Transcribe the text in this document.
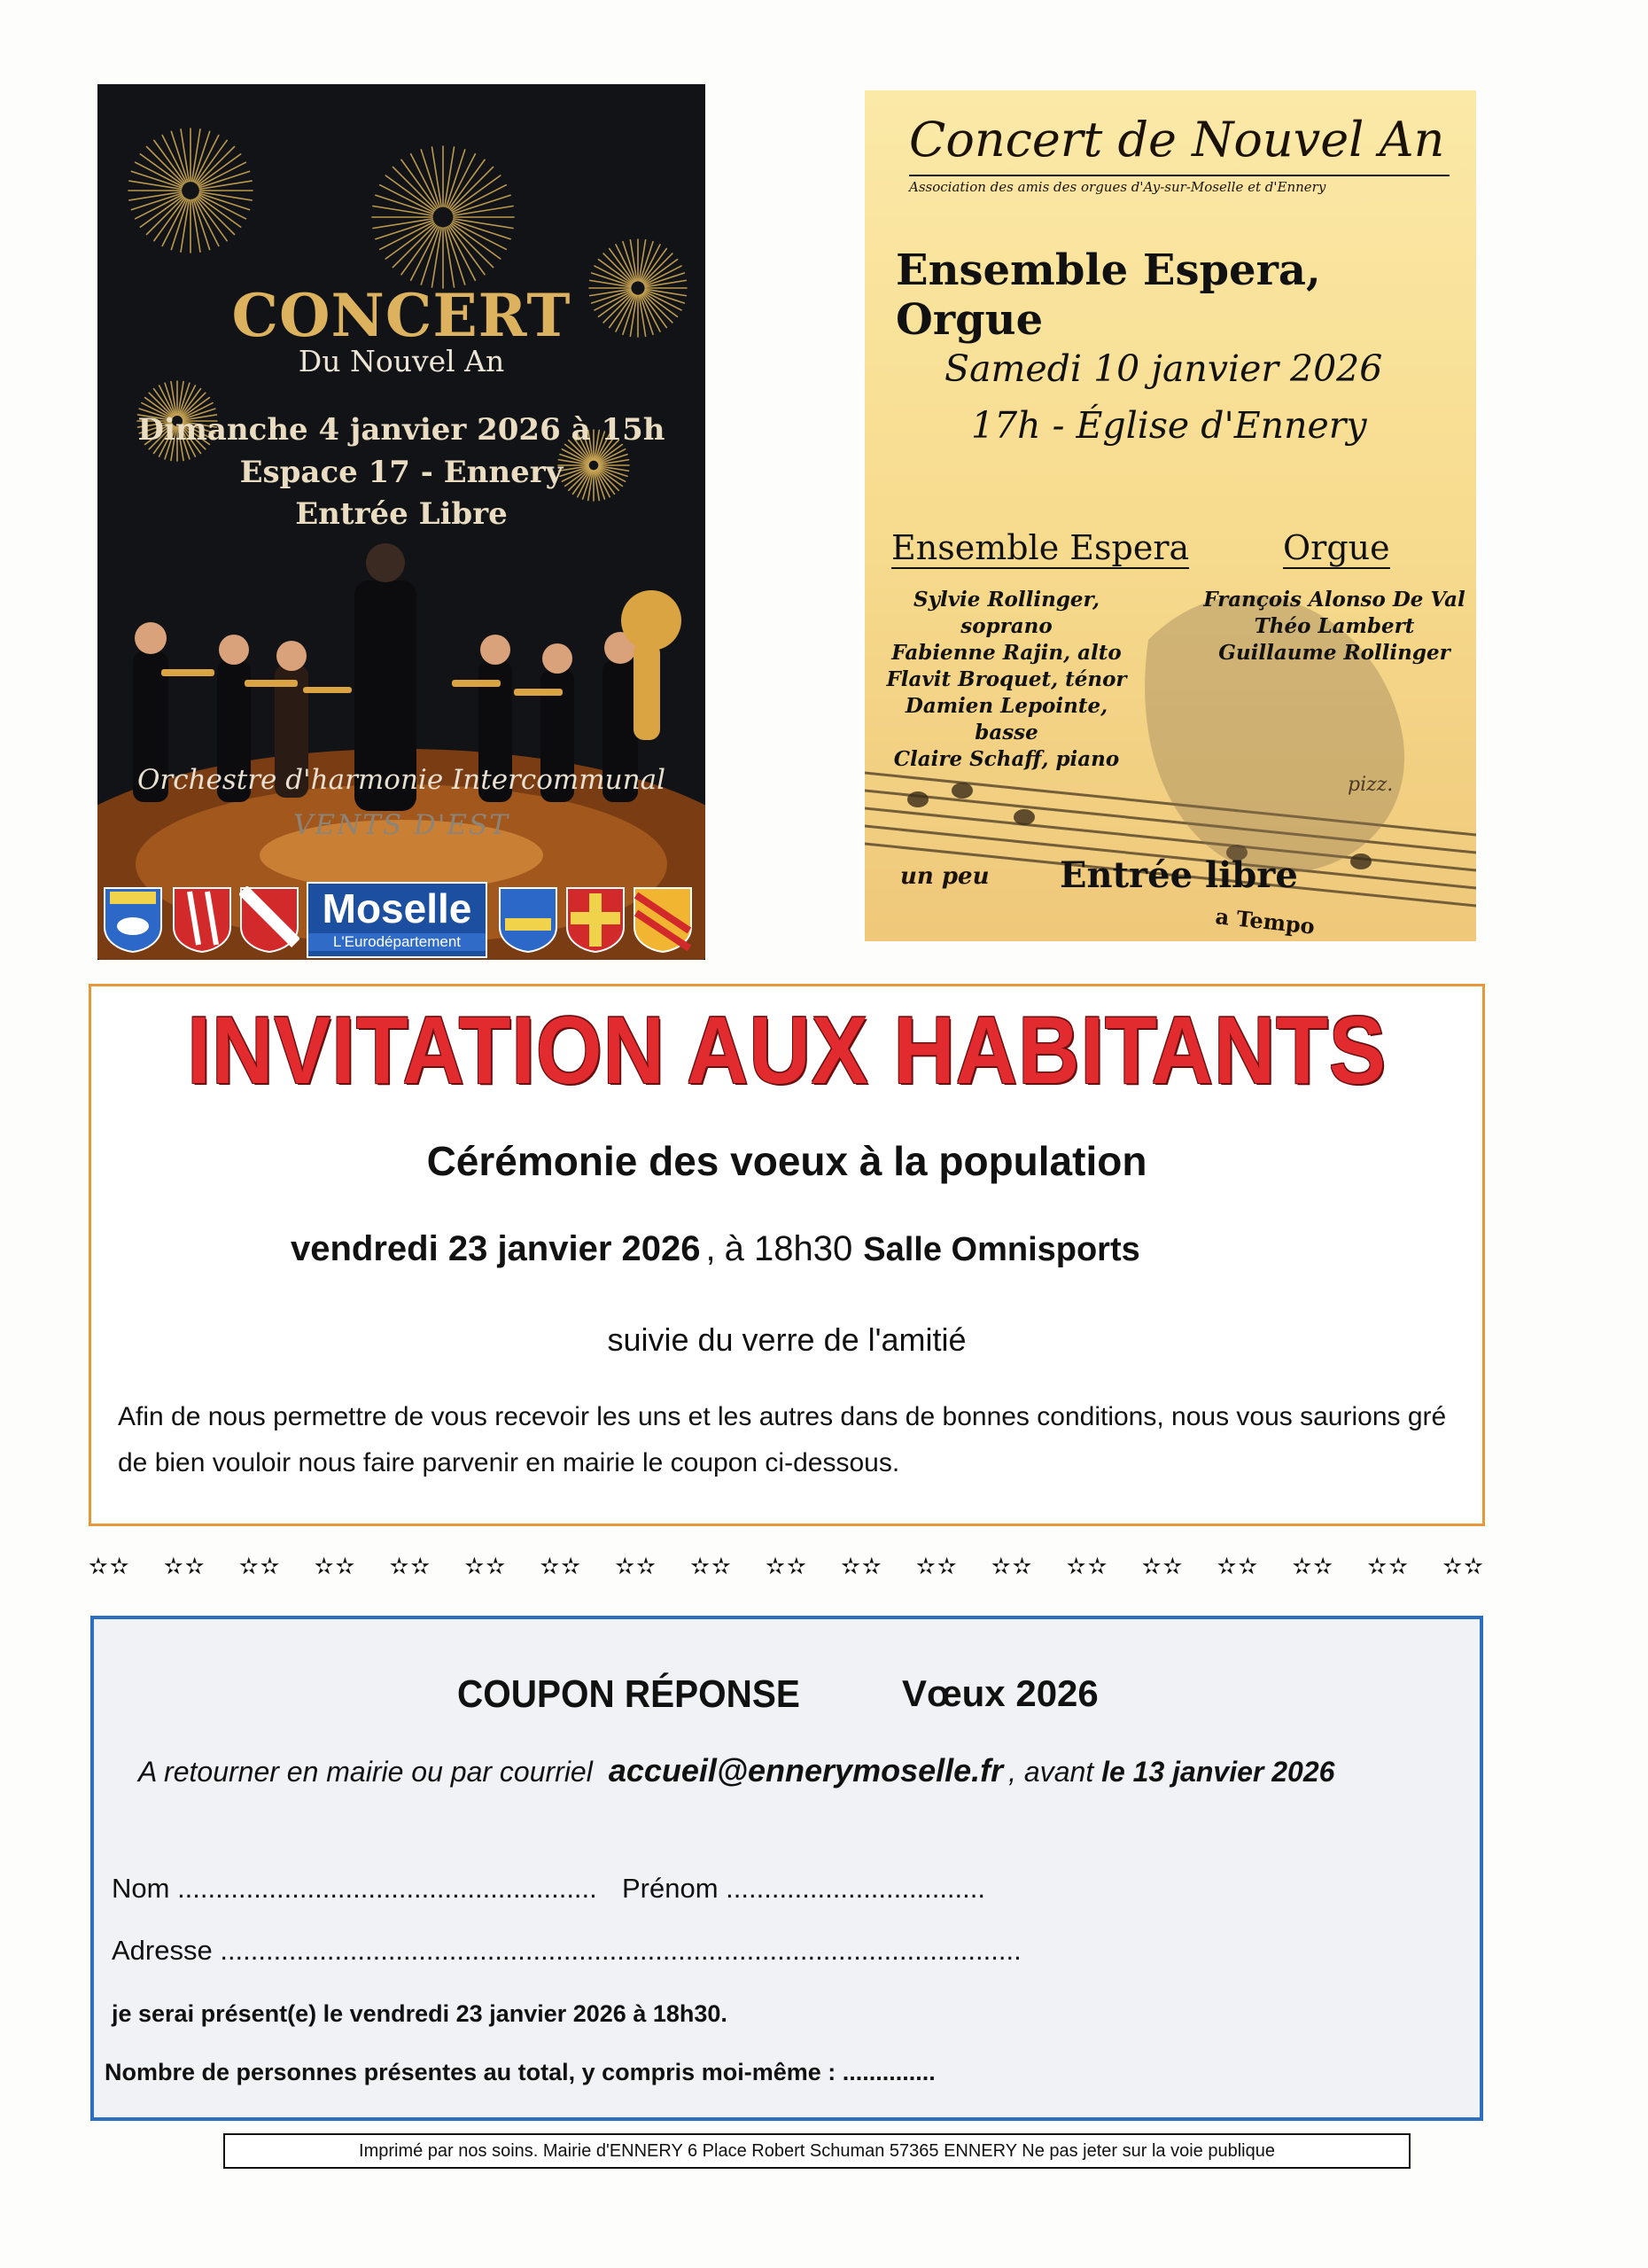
CONCERT
Du Nouvel An
Dimanche 4 janvier 2026 à 15h
Espace 17 - Ennery
Entrée Libre
Orchestre d'harmonie Intercommunal
VENTS D'EST
Moselle
L'Eurodépartement
un peu
a Tempo
pizz.
Concert de Nouvel An
Association des amis des orgues d'Ay-sur-Moselle et d'Ennery
Ensemble Espera, Orgue
Samedi 10 janvier 2026
17h - Église d'Ennery
Ensemble Espera	Orgue
Sylvie Rollinger, soprano
Fabienne Rajin, alto
Flavit Broquet, ténor
Damien Lepointe, basse
Claire Schaff, piano
François Alonso De Val
Théo Lambert
Guillaume Rollinger
Entrée libre
INVITATION AUX HABITANTS
Cérémonie des voeux à la population
vendredi 23 janvier 2026 , à 18h30 Salle Omnisports
suivie du verre de l'amitié
Afin de nous permettre de vous recevoir les uns et les autres dans de bonnes conditions, nous vous saurions gré de bien vouloir nous faire parvenir en mairie le coupon ci-dessous.
✫✫ ✫✫ ✫✫ ✫✫ ✫✫ ✫✫ ✫✫ ✫✫ ✫✫ ✫✫ ✫✫ ✫✫ ✫✫ ✫✫ ✫✫ ✫✫ ✫✫ ✫✫ ✫✫
COUPON RÉPONSE	Vœux 2026
A retourner en mairie ou par courriel accueil@ennerymoselle.fr , avant le 13 janvier 2026
Nom ....................................................... Prénom ..................................
Adresse .........................................................................................................
je serai présent(e) le vendredi 23 janvier 2026 à 18h30.
Nombre de personnes présentes au total, y compris moi-même : ..............
Imprimé par nos soins. Mairie d'ENNERY 6 Place Robert Schuman 57365 ENNERY Ne pas jeter sur la voie publique
